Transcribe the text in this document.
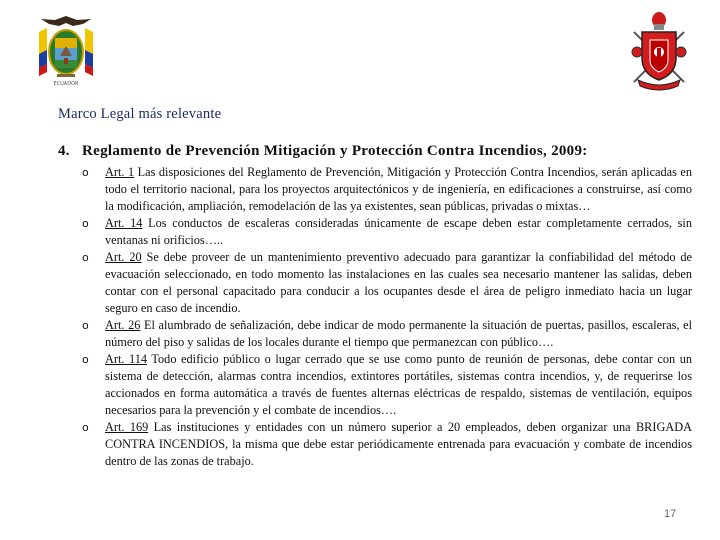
ECUADOR
Marco Legal más relevante
4. Reglamento de Prevención Mitigación y Protección Contra Incendios, 2009:
o Art. 1 Las disposiciones del Reglamento de Prevención, Mitigación y Protección Contra Incendios, serán aplicadas en todo el territorio nacional, para los proyectos arquitectónicos y de ingeniería, en edificaciones a construirse, así como la modificación, ampliación, remodelación de las ya existentes, sean públicas, privadas o mixtas…
o Art. 14 Los conductos de escaleras consideradas únicamente de escape deben estar completamente cerrados, sin ventanas ni orificios…..
o Art. 20 Se debe proveer de un mantenimiento preventivo adecuado para garantizar la confiabilidad del método de evacuación seleccionado, en todo momento las instalaciones en las cuales sea necesario mantener las salidas, deben contar con el personal capacitado para conducir a los ocupantes desde el área de peligro inmediato hacia un lugar seguro en caso de incendio.
o Art. 26 El alumbrado de señalización, debe indicar de modo permanente la situación de puertas, pasillos, escaleras, el número del piso y salidas de los locales durante el tiempo que permanezcan con público….
o Art. 114 Todo edificio público o lugar cerrado que se use como punto de reunión de personas, debe contar con un sistema de detección, alarmas contra incendios, extintores portátiles, sistemas contra incendios, y, de requerirse los accionados en forma automática a través de fuentes alternas eléctricas de respaldo, sistemas de ventilación, equipos necesarios para la prevención y el combate de incendios….
o Art. 169 Las instituciones y entidades con un número superior a 20 empleados, deben organizar una BRIGADA CONTRA INCENDIOS, la misma que debe estar periódicamente entrenada para evacuación y combate de incendios dentro de las zonas de trabajo.
17
